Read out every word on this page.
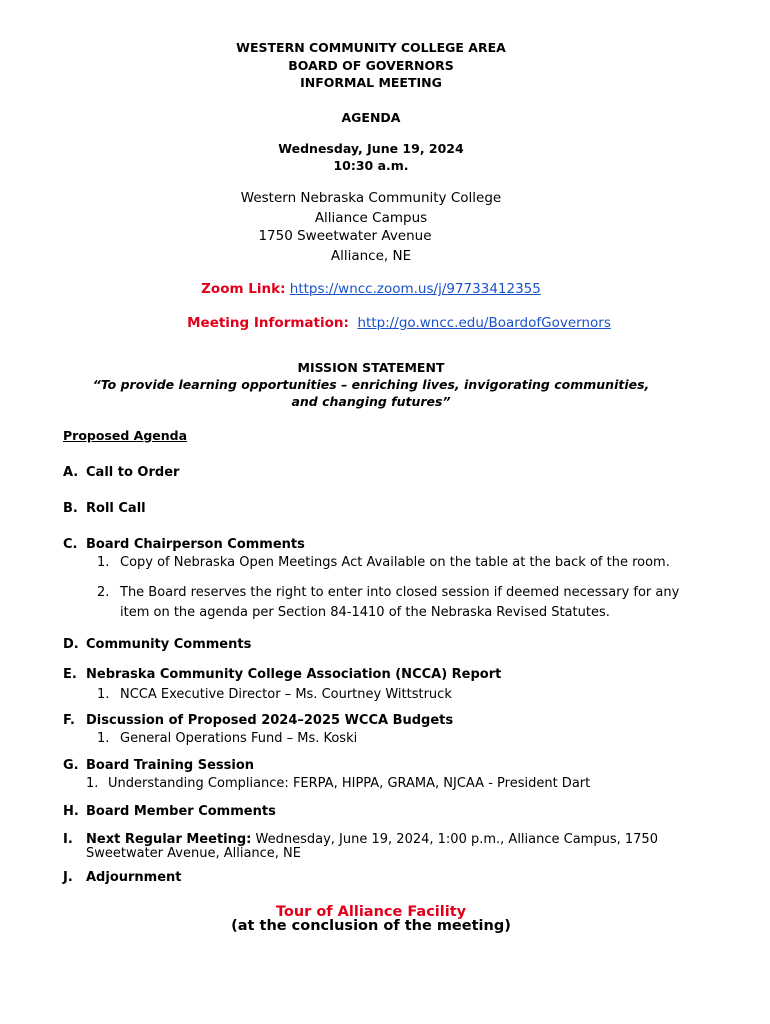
WESTERN COMMUNITY COLLEGE AREA
BOARD OF GOVERNORS
INFORMAL MEETING
AGENDA
Wednesday, June 19, 2024
10:30 a.m.
Western Nebraska Community College
Alliance Campus
1750 Sweetwater Avenue
Alliance, NE
Zoom Link: https://wncc.zoom.us/j/97733412355
Meeting Information: http://go.wncc.edu/BoardofGovernors
MISSION STATEMENT
“To provide learning opportunities – enriching lives, invigorating communities,
and changing futures”
Proposed Agenda
A. Call to Order
B. Roll Call
C. Board Chairperson Comments
1. Copy of Nebraska Open Meetings Act Available on the table at the back of the room.
2. The Board reserves the right to enter into closed session if deemed necessary for any
item on the agenda per Section 84-1410 of the Nebraska Revised Statutes.
D. Community Comments
E. Nebraska Community College Association (NCCA) Report
1. NCCA Executive Director – Ms. Courtney Wittstruck
F. Discussion of Proposed 2024–2025 WCCA Budgets
1. General Operations Fund – Ms. Koski
G. Board Training Session
1. Understanding Compliance: FERPA, HIPPA, GRAMA, NJCAA - President Dart
H. Board Member Comments
I. Next Regular Meeting: Wednesday, June 19, 2024, 1:00 p.m., Alliance Campus, 1750
Sweetwater Avenue, Alliance, NE
J. Adjournment
Tour of Alliance Facility
(at the conclusion of the meeting)
